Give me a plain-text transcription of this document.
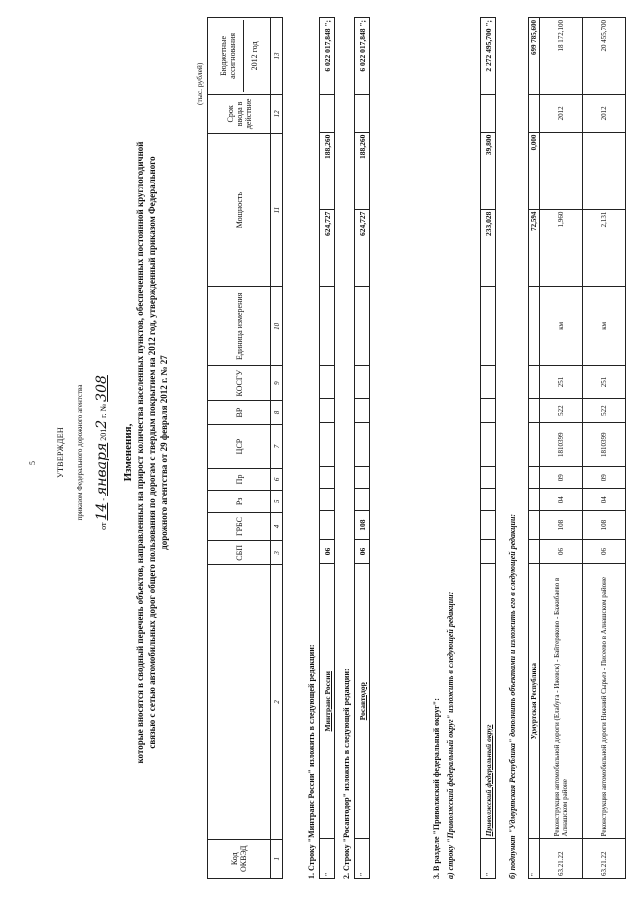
5 УТВЕРЖДЕН приказом Федерального дорожного агентства
от 14 - января 2012 г. № 308
Изменения, которые вносятся в сводный перечень объектов, направленных на прирост количества населенных пунктов, обеспеченных постоянной круглогодичной связью с сетью автомобильных дорог общего пользования по дорогам с твердым покрытием на 2012 год, утвержденный приказом Федерального дорожного агентства от 29 февраля 2012 г. № 27
(тыс. рублей)
Код ОКВЭД		СБП	ГРБС	Рз	Пр	ЦСР	ВР	КОСГУ	Единица измерения	Мощность	Срок ввода в действие	Бюджетные ассигнования 2012 год

1	2	3	4	5	6	7	8	9	10	11	12	13
1. Строку "Минтранс России" изложить в следующей редакции: "	Минтранс России	06								624,727	188,260		6 022 017,848 ";
2. Строку "Росавтодор" изложить в следующей редакции: "	Росавтодор	06	108							624,727	188,260		6 022 017,848 ";
3. В разделе "Приволжский федеральный округ": а) строку "Приволжский федеральный округ" изложить в следующей редакции:	"	Приволжский федеральный округ									233,028	39,800		2 272 495,700 ";
б) подпункт "Удмуртская Республика" дополнить объектами и изложить его в следующей редакции: "	Удмуртская Республика									72,594	0,000		699 785,600
63.21.22	Реконструкция автомобильной дороги (Елабуга - Ижевск) - Байтеряково - Бажибаево в Алнашском районе	06	108	04	09	1810399	522	251	км	1,960		2012	18 172,100
63.21.22	Реконструкция автомобильной дороги Нижний Сырьез - Писеево в Алнашском районе	06	108	04	09	1810399	522	251	км	2,131		2012	20 455,700
